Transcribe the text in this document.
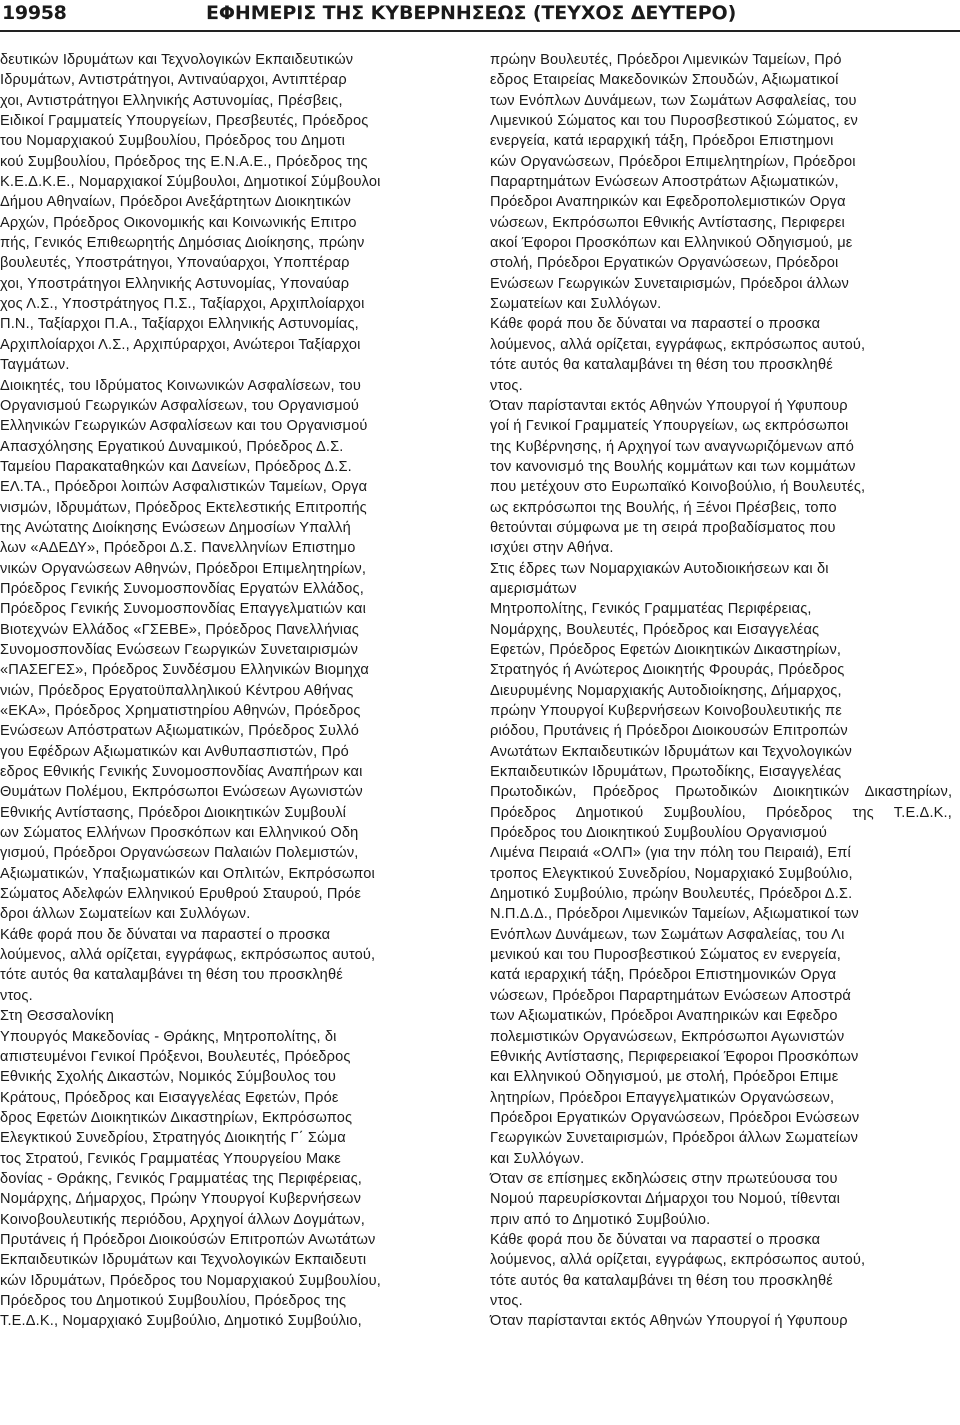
19958	ΕΦΗΜΕΡΙΣ ΤΗΣ ΚΥΒΕΡΝΗΣΕΩΣ (ΤΕΥΧΟΣ ΔΕΥΤΕΡΟ)
δευτικών Ιδρυμάτων και Τεχνολογικών Εκπαιδευτικών
Ιδρυμάτων, Αντιστράτηγοι, Αντιναύαρχοι, Αντιπτέραρ
χοι, Αντιστράτηγοι Ελληνικής Αστυνομίας, Πρέσβεις,
Ειδικοί Γραμματείς Υπουργείων, Πρεσβευτές, Πρόεδρος
του Νομαρχιακού Συμβουλίου, Πρόεδρος του Δημοτι
κού Συμβουλίου, Πρόεδρος της Ε.Ν.Α.Ε., Πρόεδρος της
Κ.Ε.Δ.Κ.Ε., Νομαρχιακοί Σύμβουλοι, Δημοτικοί Σύμβουλοι
Δήμου Αθηναίων, Πρόεδροι Ανεξάρτητων Διοικητικών
Αρχών, Πρόεδρος Οικονομικής και Κοινωνικής Επιτρο
πής, Γενικός Επιθεωρητής Δημόσιας Διοίκησης, πρώην
βουλευτές, Υποστράτηγοι, Υποναύαρχοι, Υποπτέραρ
χοι, Υποστράτηγοι Ελληνικής Αστυνομίας, Υποναύαρ
χος Λ.Σ., Υποστράτηγος Π.Σ., Ταξίαρχοι, Αρχιπλοίαρχοι
Π.Ν., Ταξίαρχοι Π.Α., Ταξίαρχοι Ελληνικής Αστυνομίας,
Αρχιπλοίαρχοι Λ.Σ., Αρχιπύραρχοι, Ανώτεροι Ταξίαρχοι
Ταγμάτων.
Διοικητές, του Ιδρύματος Κοινωνικών Ασφαλίσεων, του
Οργανισμού Γεωργικών Ασφαλίσεων, του Οργανισμού
Ελληνικών Γεωργικών Ασφαλίσεων και του Οργανισμού
Απασχόλησης Εργατικού Δυναμικού, Πρόεδρος Δ.Σ.
Ταμείου Παρακαταθηκών και Δανείων, Πρόεδρος Δ.Σ.
ΕΛ.ΤΑ., Πρόεδροι λοιπών Ασφαλιστικών Ταμείων, Οργα
νισμών, Ιδρυμάτων, Πρόεδρος Εκτελεστικής Επιτροπής
της Ανώτατης Διοίκησης Ενώσεων Δημοσίων Υπαλλή
λων «ΑΔΕΔΥ», Πρόεδροι Δ.Σ. Πανελληνίων Επιστημο
νικών Οργανώσεων Αθηνών, Πρόεδροι Επιμελητηρίων,
Πρόεδρος Γενικής Συνομοσπονδίας Εργατών Ελλάδος,
Πρόεδρος Γενικής Συνομοσπονδίας Επαγγελματιών και
Βιοτεχνών Ελλάδος «ΓΣΕΒΕ», Πρόεδρος Πανελλήνιας
Συνομοσπονδίας Ενώσεων Γεωργικών Συνεταιρισμών
«ΠΑΣΕΓΕΣ», Πρόεδρος Συνδέσμου Ελληνικών Βιομηχα
νιών, Πρόεδρος Εργατοϋπαλληλικού Κέντρου Αθήνας
«ΕΚΑ», Πρόεδρος Χρηματιστηρίου Αθηνών, Πρόεδρος
Ενώσεων Απόστρατων Αξιωματικών, Πρόεδρος Συλλό
γου Εφέδρων Αξιωματικών και Ανθυπασπιστών, Πρό
εδρος Εθνικής Γενικής Συνομοσπονδίας Αναπήρων και
Θυμάτων Πολέμου, Εκπρόσωποι Ενώσεων Αγωνιστών
Εθνικής Αντίστασης, Πρόεδροι Διοικητικών Συμβουλί
ων Σώματος Ελλήνων Προσκόπων και Ελληνικού Οδη
γισμού, Πρόεδροι Οργανώσεων Παλαιών Πολεμιστών,
Αξιωματικών, Υπαξιωματικών και Οπλιτών, Εκπρόσωποι
Σώματος Αδελφών Ελληνικού Ερυθρού Σταυρού, Πρόε
δροι άλλων Σωματείων και Συλλόγων.
Κάθε φορά που δε δύναται να παραστεί ο προσκα
λούμενος, αλλά ορίζεται, εγγράφως, εκπρόσωπος αυτού,
τότε αυτός θα καταλαμβάνει τη θέση του προσκληθέ
ντος.
Στη Θεσσαλονίκη
Υπουργός Μακεδονίας - Θράκης, Μητροπολίτης, δι
απιστευμένοι Γενικοί Πρόξενοι, Βουλευτές, Πρόεδρος
Εθνικής Σχολής Δικαστών, Νομικός Σύμβουλος του
Κράτους, Πρόεδρος και Εισαγγελέας Εφετών, Πρόε
δρος Εφετών Διοικητικών Δικαστηρίων, Εκπρόσωπος
Ελεγκτικού Συνεδρίου, Στρατηγός Διοικητής Γ΄ Σώμα
τος Στρατού, Γενικός Γραμματέας Υπουργείου Μακε
δονίας - Θράκης, Γενικός Γραμματέας της Περιφέρειας,
Νομάρχης, Δήμαρχος, Πρώην Υπουργοί Κυβερνήσεων
Κοινοβουλευτικής περιόδου, Αρχηγοί άλλων Δογμάτων,
Πρυτάνεις ή Πρόεδροι Διοικούσών Επιτροπών Ανωτάτων
Εκπαιδευτικών Ιδρυμάτων και Τεχνολογικών Εκπαιδευτι
κών Ιδρυμάτων, Πρόεδρος του Νομαρχιακού Συμβουλίου,
Πρόεδρος του Δημοτικού Συμβουλίου, Πρόεδρος της
Τ.Ε.Δ.Κ., Νομαρχιακό Συμβούλιο, Δημοτικό Συμβούλιο,
πρώην Βουλευτές, Πρόεδροι Λιμενικών Ταμείων, Πρό
εδρος Εταιρείας Μακεδονικών Σπουδών, Αξιωματικοί
των Ενόπλων Δυνάμεων, των Σωμάτων Ασφαλείας, του
Λιμενικού Σώματος και του Πυροσβεστικού Σώματος, εν
ενεργεία, κατά ιεραρχική τάξη, Πρόεδροι Επιστημονι
κών Οργανώσεων, Πρόεδροι Επιμελητηρίων, Πρόεδροι
Παραρτημάτων Ενώσεων Αποστράτων Αξιωματικών,
Πρόεδροι Αναπηρικών και Εφεδροπολεμιστικών Οργα
νώσεων, Εκπρόσωποι Εθνικής Αντίστασης, Περιφερει
ακοί Έφοροι Προσκόπων και Ελληνικού Οδηγισμού, με
στολή, Πρόεδροι Εργατικών Οργανώσεων, Πρόεδροι
Ενώσεων Γεωργικών Συνεταιρισμών, Πρόεδροι άλλων
Σωματείων και Συλλόγων.
Κάθε φορά που δε δύναται να παραστεί ο προσκα
λούμενος, αλλά ορίζεται, εγγράφως, εκπρόσωπος αυτού,
τότε αυτός θα καταλαμβάνει τη θέση του προσκληθέ
ντος.
Όταν παρίστανται εκτός Αθηνών Υπουργοί ή Υφυπουρ
γοί ή Γενικοί Γραμματείς Υπουργείων, ως εκπρόσωποι
της Κυβέρνησης, ή Αρχηγοί των αναγνωριζόμενων από
τον κανονισμό της Βουλής κομμάτων και των κομμάτων
που μετέχουν στο Ευρωπαϊκό Κοινοβούλιο, ή Βουλευτές,
ως εκπρόσωποι της Βουλής, ή Ξένοι Πρέσβεις, τοπο
θετούνται σύμφωνα με τη σειρά προβαδίσματος που
ισχύει στην Αθήνα.
Στις έδρες των Νομαρχιακών Αυτοδιοικήσεων και δι
αμερισμάτων
Μητροπολίτης, Γενικός Γραμματέας Περιφέρειας,
Νομάρχης, Βουλευτές, Πρόεδρος και Εισαγγελέας
Εφετών, Πρόεδρος Εφετών Διοικητικών Δικαστηρίων,
Στρατηγός ή Ανώτερος Διοικητής Φρουράς, Πρόεδρος
Διευρυμένης Νομαρχιακής Αυτοδιοίκησης, Δήμαρχος,
πρώην Υπουργοί Κυβερνήσεων Κοινοβουλευτικής πε
ριόδου, Πρυτάνεις ή Πρόεδροι Διοικουσών Επιτροπών
Ανωτάτων Εκπαιδευτικών Ιδρυμάτων και Τεχνολογικών
Εκπαιδευτικών Ιδρυμάτων, Πρωτοδίκης, Εισαγγελέας
Πρωτοδικών, Πρόεδρος Πρωτοδικών Διοικητικών Δικαστηρίων,
Πρόεδρος Δημοτικού Συμβουλίου, Πρόεδρος της Τ.Ε.Δ.Κ.,
Πρόεδρος του Διοικητικού Συμβουλίου Οργανισμού
Λιμένα Πειραιά «ΟΛΠ» (για την πόλη του Πειραιά), Επί
τροπος Ελεγκτικού Συνεδρίου, Νομαρχιακό Συμβούλιο,
Δημοτικό Συμβούλιο, πρώην Βουλευτές, Πρόεδροι Δ.Σ.
Ν.Π.Δ.Δ., Πρόεδροι Λιμενικών Ταμείων, Αξιωματικοί των
Ενόπλων Δυνάμεων, των Σωμάτων Ασφαλείας, του Λι
μενικού και του Πυροσβεστικού Σώματος εν ενεργεία,
κατά ιεραρχική τάξη, Πρόεδροι Επιστημονικών Οργα
νώσεων, Πρόεδροι Παραρτημάτων Ενώσεων Αποστρά
των Αξιωματικών, Πρόεδροι Αναπηρικών και Εφεδρο
πολεμιστικών Οργανώσεων, Εκπρόσωποι Αγωνιστών
Εθνικής Αντίστασης, Περιφερειακοί Έφοροι Προσκόπων
και Ελληνικού Οδηγισμού, με στολή, Πρόεδροι Επιμε
λητηρίων, Πρόεδροι Επαγγελματικών Οργανώσεων,
Πρόεδροι Εργατικών Οργανώσεων, Πρόεδροι Ενώσεων
Γεωργικών Συνεταιρισμών, Πρόεδροι άλλων Σωματείων
και Συλλόγων.
Όταν σε επίσημες εκδηλώσεις στην πρωτεύουσα του
Νομού παρευρίσκονται Δήμαρχοι του Νομού, τίθενται
πριν από το Δημοτικό Συμβούλιο.
Κάθε φορά που δε δύναται να παραστεί ο προσκα
λούμενος, αλλά ορίζεται, εγγράφως, εκπρόσωπος αυτού,
τότε αυτός θα καταλαμβάνει τη θέση του προσκληθέ
ντος.
Όταν παρίστανται εκτός Αθηνών Υπουργοί ή Υφυπουρ
